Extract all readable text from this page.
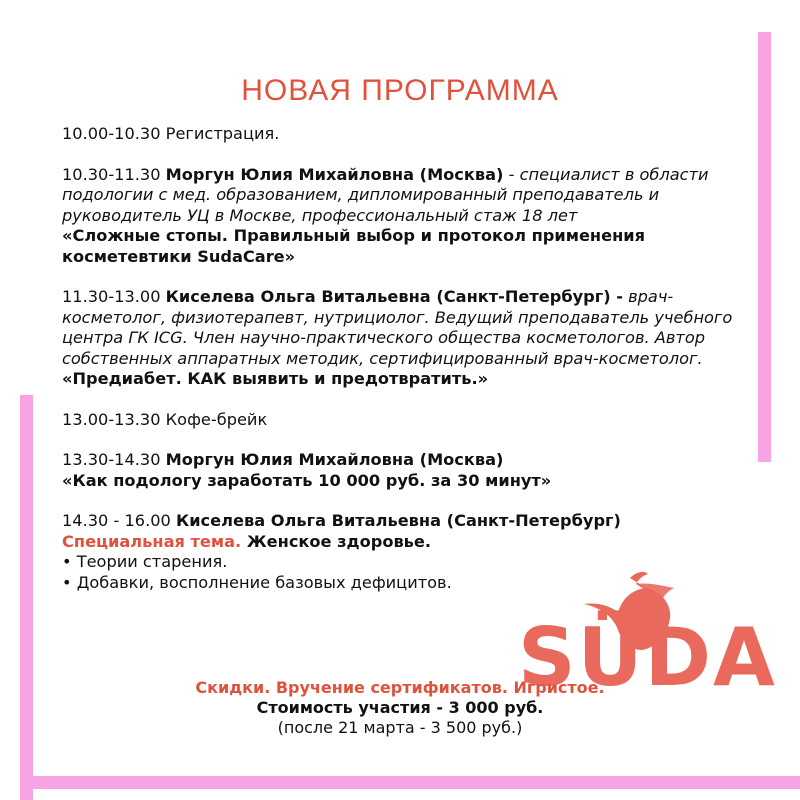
SÜDA
НОВАЯ ПРОГРАММА

10.00-10.30 Регистрация.

10.30-11.30 Моргун Юлия Михайловна (Москва) - специалист в области подологии с мед. образованием, дипломированный преподаватель и руководитель УЦ в Москве, профессиональный стаж 18 лет
«Сложные стопы. Правильный выбор и протокол применения косметевтики SudaCare»

11.30-13.00 Киселева Ольга Витальевна (Санкт-Петербург) - врач-косметолог, физиотерапевт, нутрициолог. Ведущий преподаватель учебного центра ГК ICG. Член научно-практического общества косметологов. Автор собственных аппаратных методик, сертифицированный врач-косметолог.
«Предиабет. КАК выявить и предотвратить.»

13.00-13.30 Кофе-брейк

13.30-14.30 Моргун Юлия Михайловна (Москва)
«Как подологу заработать 10 000 руб. за 30 минут»

14.30 - 16.00 Киселева Ольга Витальевна (Санкт-Петербург)
Специальная тема. Женское здоровье.
• Теории старения.
• Добавки, восполнение базовых дефицитов.

Скидки. Вручение сертификатов. Игристое.
Стоимость участия - 3 000 руб.
(после 21 марта - 3 500 руб.)
